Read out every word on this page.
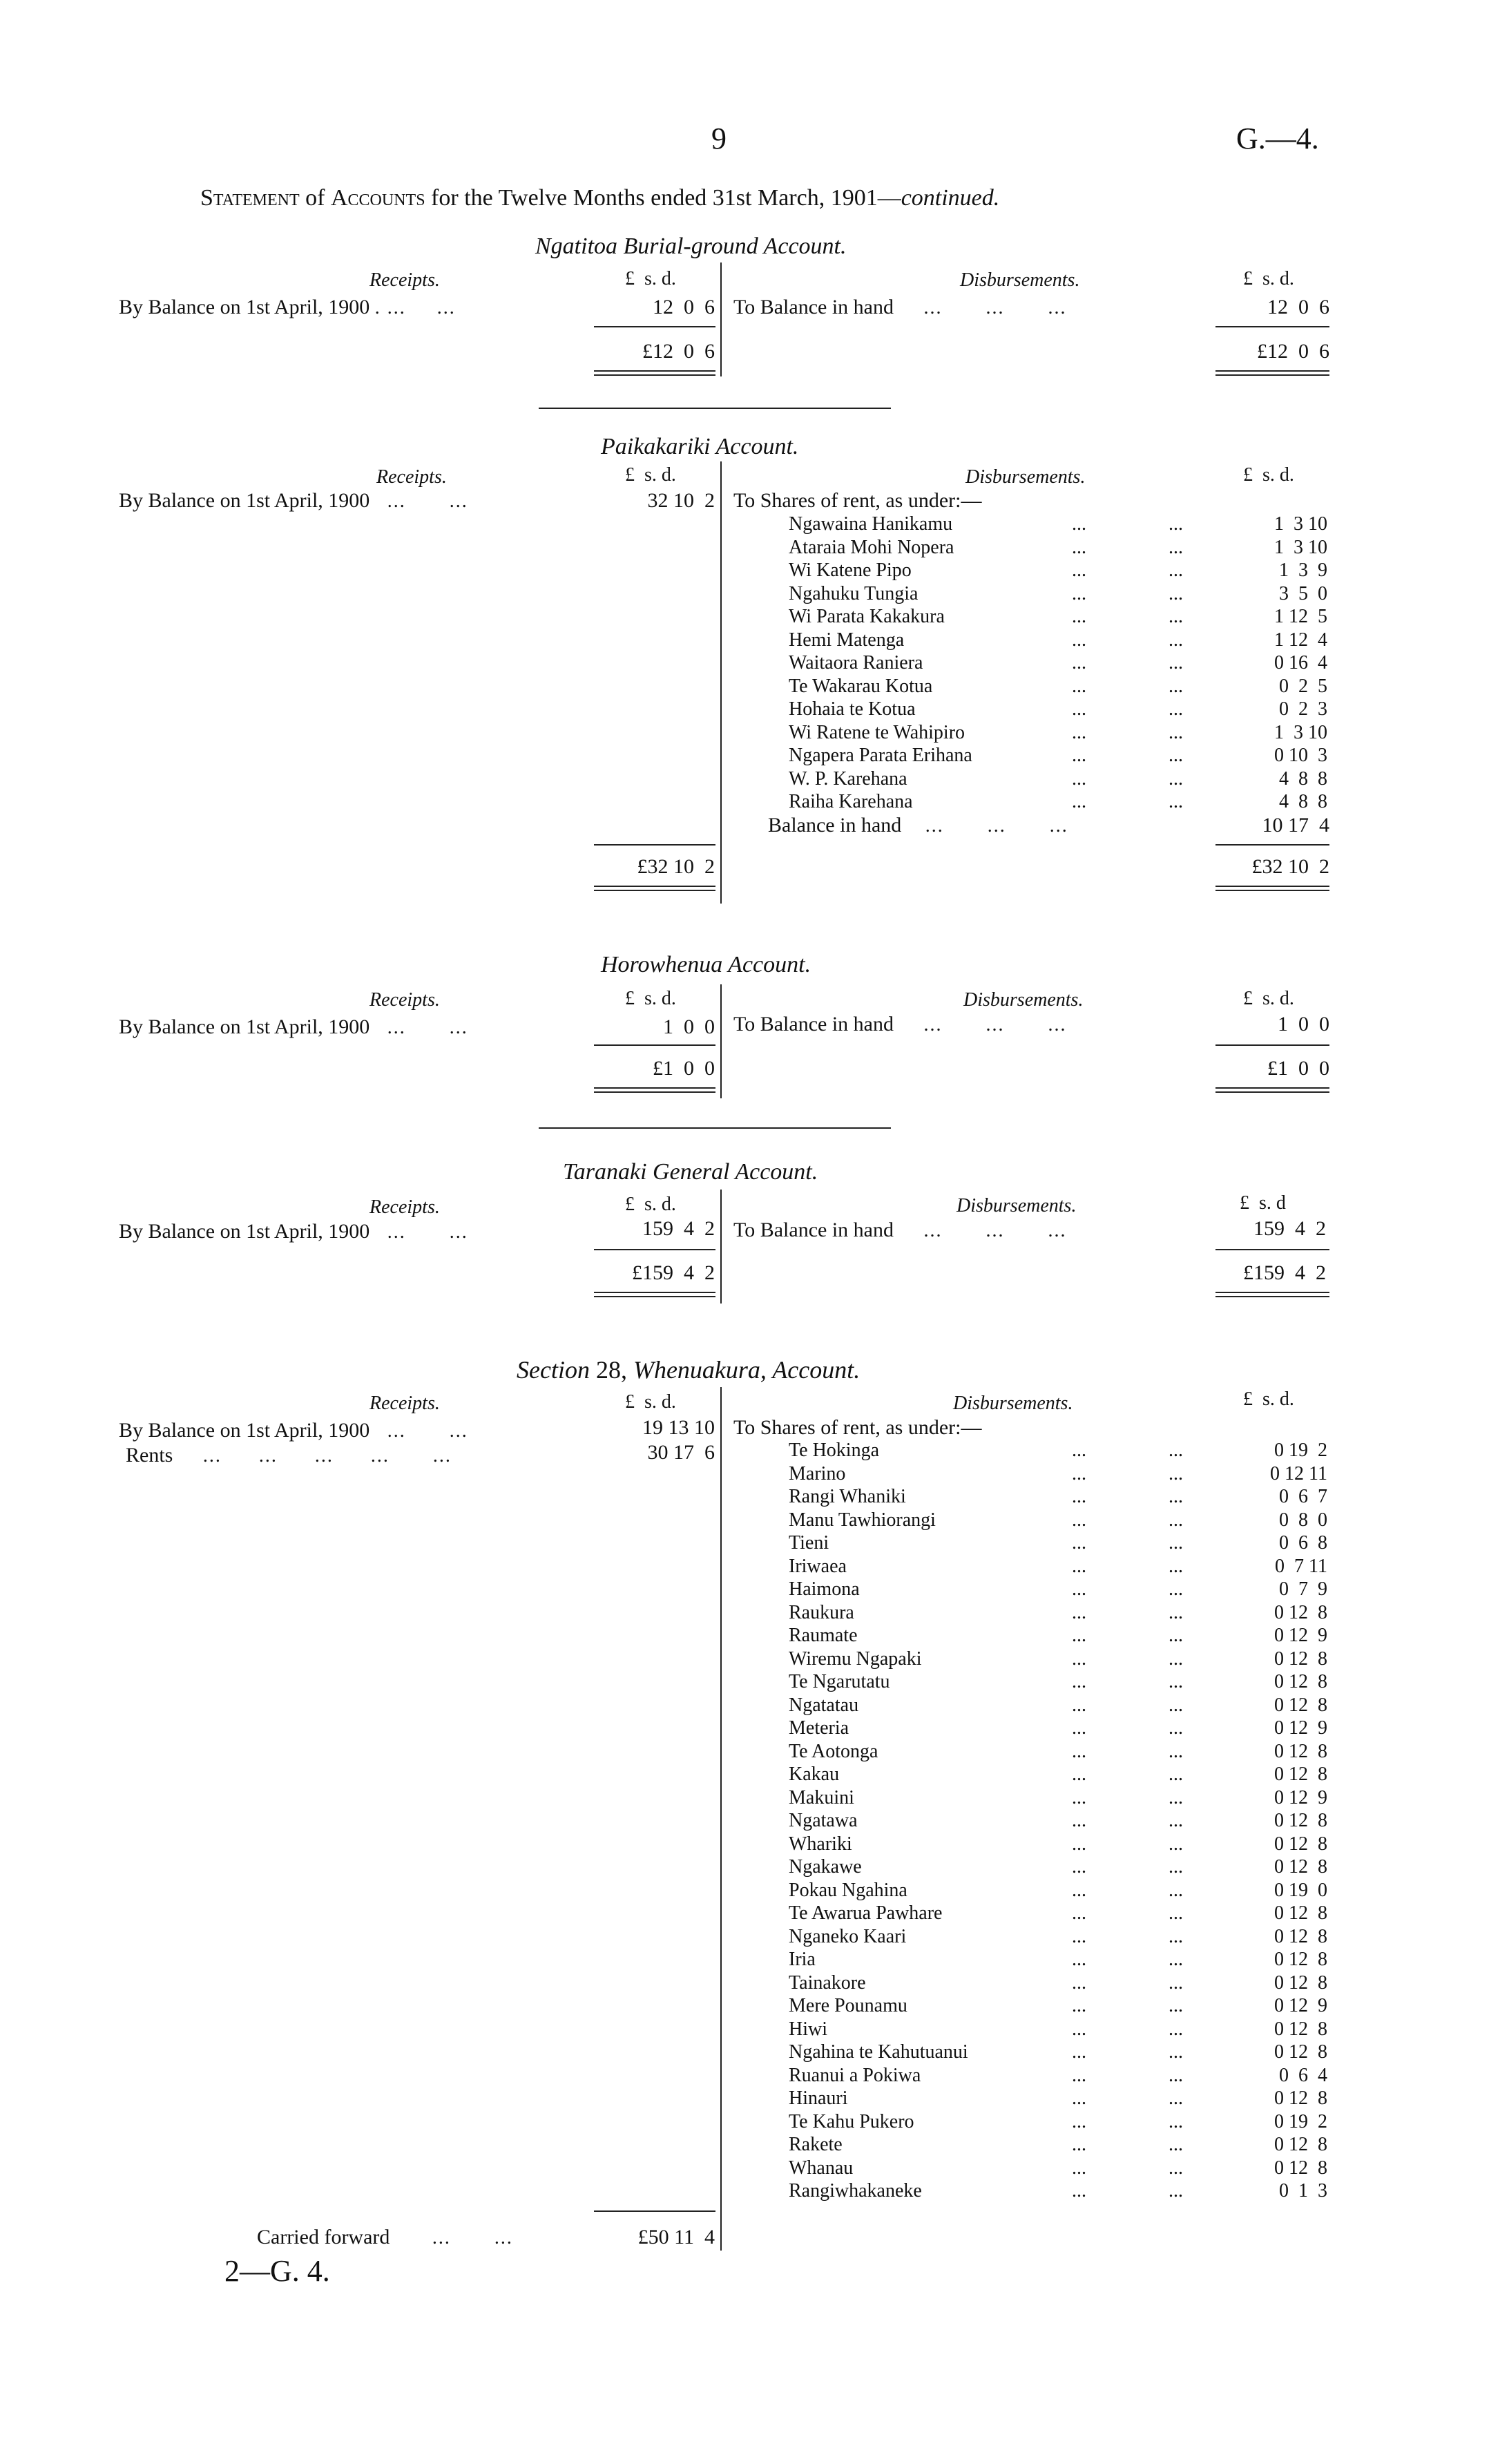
9	G.—4.
Statement of Accounts for the Twelve Months ended 31st March, 1901—continued.
Ngatitoa Burial-ground Account.
Receipts.	£ s. d.	Disbursements.	£ s. d.
By Balance on 1st April, 1900 . ...     ...	12  0  6 To Balance in hand     ...       ...       ...	12  0  6
£12  0  6	£12  0  6
Paikakariki Account.
Receipts.	£ s. d.	Disbursements.	£ s. d.
By Balance on 1st April, 1900   ...       ...	32 10  2 To Shares of rent, as under:—
Ngawaina Hanikamu	...	...	1  3 10
Ataraia Mohi Nopera	...	...	1  3 10
Wi Katene Pipo	...	...	1  3  9
Ngahuku Tungia	...	...	3  5  0
Wi Parata Kakakura	...	...	1 12  5
Hemi Matenga	...	...	1 12  4
Waitaora Raniera	...	...	0 16  4
Te Wakarau Kotua	...	...	0  2  5
Hohaia te Kotua	...	...	0  2  3
Wi Ratene te Wahipiro	...	...	1  3 10
Ngapera Parata Erihana	...	...	0 10  3
W. P. Karehana	...	...	4  8  8
Raiha Karehana	...	...	4  8  8
Balance in hand    ...       ...       ...	10 17  4
£32 10  2	£32 10  2
Horowhenua Account.
Receipts.	£ s. d.	Disbursements.	£ s. d.
By Balance on 1st April, 1900   ...       ...	1  0  0 To Balance in hand     ...       ...       ...	1  0  0
£1  0  0	£1  0  0
Taranaki General Account.
Receipts.	£ s. d.	Disbursements.	£ s. d
By Balance on 1st April, 1900   ...       ...	159  4  2 To Balance in hand     ...       ...       ...	159  4  2
£159  4  2	£159  4  2
Section 28, Whenuakura, Account.
Receipts.	£ s. d.	Disbursements.	£ s. d.
By Balance on 1st April, 1900   ...       ...	19 13 10
Rents     ...      ...      ...      ...       ...	30 17  6
To Shares of rent, as under:—
Te Hokinga	...	...	0 19  2
Marino	...	...	0 12 11
Rangi Whaniki	...	...	0  6  7
Manu Tawhiorangi	...	...	0  8  0
Tieni	...	...	0  6  8
Iriwaea	...	...	0  7 11
Haimona	...	...	0  7  9
Raukura	...	...	0 12  8
Raumate	...	...	0 12  9
Wiremu Ngapaki	...	...	0 12  8
Te Ngarutatu	...	...	0 12  8
Ngatatau	...	...	0 12  8
Meteria	...	...	0 12  9
Te Aotonga	...	...	0 12  8
Kakau	...	...	0 12  8
Makuini	...	...	0 12  9
Ngatawa	...	...	0 12  8
Whariki	...	...	0 12  8
Ngakawe	...	...	0 12  8
Pokau Ngahina	...	...	0 19  0
Te Awarua Pawhare	...	...	0 12  8
Nganeko Kaari	...	...	0 12  8
Iria	...	...	0 12  8
Tainakore	...	...	0 12  8
Mere Pounamu	...	...	0 12  9
Hiwi	...	...	0 12  8
Ngahina te Kahutuanui	...	...	0 12  8
Ruanui a Pokiwa	...	...	0  6  4
Hinauri	...	...	0 12  8
Te Kahu Pukero	...	...	0 19  2
Rakete	...	...	0 12  8
Whanau	...	...	0 12  8
Rangiwhakaneke	...	...	0  1  3
Carried forward       ...       ...	£50 11  4
2—G. 4.
